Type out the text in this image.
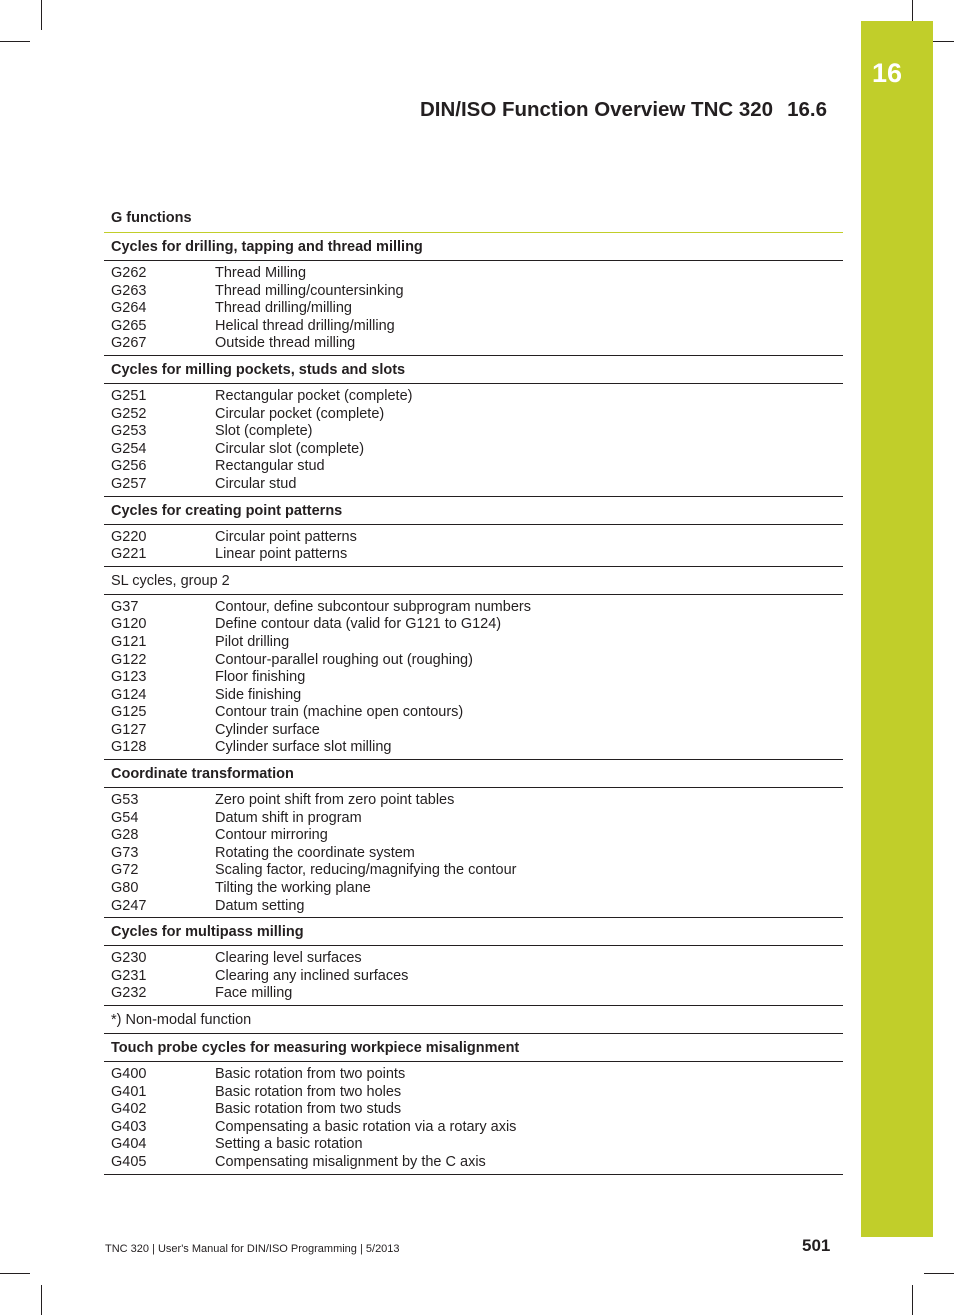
16
DIN/ISO Function Overview TNC 320 16.6
G functions
Cycles for drilling, tapping and thread milling
G262	Thread Milling
G263	Thread milling/countersinking
G264	Thread drilling/milling
G265	Helical thread drilling/milling
G267	Outside thread milling
Cycles for milling pockets, studs and slots
G251	Rectangular pocket (complete)
G252	Circular pocket (complete)
G253	Slot (complete)
G254	Circular slot (complete)
G256	Rectangular stud
G257	Circular stud
Cycles for creating point patterns
G220	Circular point patterns
G221	Linear point patterns
SL cycles, group 2
G37	Contour, define subcontour subprogram numbers
G120	Define contour data (valid for G121 to G124)
G121	Pilot drilling
G122	Contour-parallel roughing out (roughing)
G123	Floor finishing
G124	Side finishing
G125	Contour train (machine open contours)
G127	Cylinder surface
G128	Cylinder surface slot milling
Coordinate transformation
G53	Zero point shift from zero point tables
G54	Datum shift in program
G28	Contour mirroring
G73	Rotating the coordinate system
G72	Scaling factor, reducing/magnifying the contour
G80	Tilting the working plane
G247	Datum setting
Cycles for multipass milling
G230	Clearing level surfaces
G231	Clearing any inclined surfaces
G232	Face milling
*) Non-modal function
Touch probe cycles for measuring workpiece misalignment
G400	Basic rotation from two points
G401	Basic rotation from two holes
G402	Basic rotation from two studs
G403	Compensating a basic rotation via a rotary axis
G404	Setting a basic rotation
G405	Compensating misalignment by the C axis
TNC 320 | User's Manual for DIN/ISO Programming | 5/2013	501
